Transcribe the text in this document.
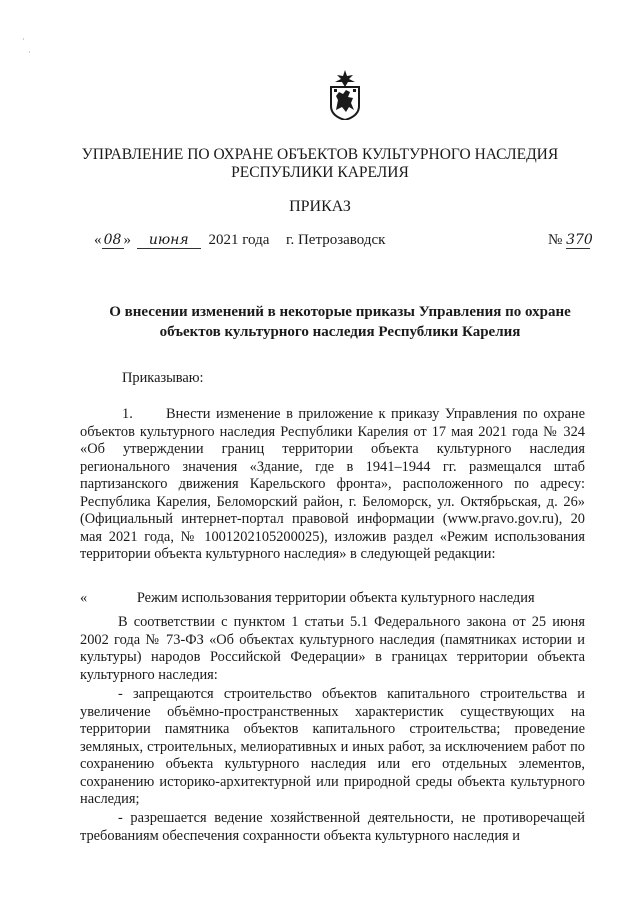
·
·
УПРАВЛЕНИЕ ПО ОХРАНЕ ОБЪЕКТОВ КУЛЬТУРНОГО НАСЛЕДИЯ
РЕСПУБЛИКИ КАРЕЛИЯ
ПРИКАЗ
« 08 » июня 2021 года г. Петрозаводск	№ 370
О внесении изменений в некоторые приказы Управления по охране
объектов культурного наследия Республики Карелия
Приказываю:

1.      Внести изменение в приложение к приказу Управления по охране объектов культурного наследия Республики Карелия от 17 мая 2021 года № 324 «Об утверждении границ территории объекта культурного наследия регионального значения «Здание, где в 1941–1944 гг. размещался штаб партизанского движения Карельского фронта», расположенного по адресу: Республика Карелия, Беломорский район, г. Беломорск, ул. Октябрьская, д. 26» (Официальный интернет-портал правовой информации (www.pravo.gov.ru), 20 мая 2021 года, № 1001202105200025), изложив раздел «Режим использования территории объекта культурного наследия» в следующей редакции:

«	Режим использования территории объекта культурного наследия

В соответствии с пунктом 1 статьи 5.1 Федерального закона от 25 июня 2002 года № 73-ФЗ «Об объектах культурного наследия (памятниках истории и культуры) народов Российской Федерации» в границах территории объекта культурного наследия:

- запрещаются строительство объектов капитального строительства и увеличение объёмно-пространственных характеристик существующих на территории памятника объектов капитального строительства; проведение земляных, строительных, мелиоративных и иных работ, за исключением работ по сохранению объекта культурного наследия или его отдельных элементов, сохранению историко-архитектурной или природной среды объекта культурного наследия;

- разрешается ведение хозяйственной деятельности, не противоречащей требованиям обеспечения сохранности объекта культурного наследия и
